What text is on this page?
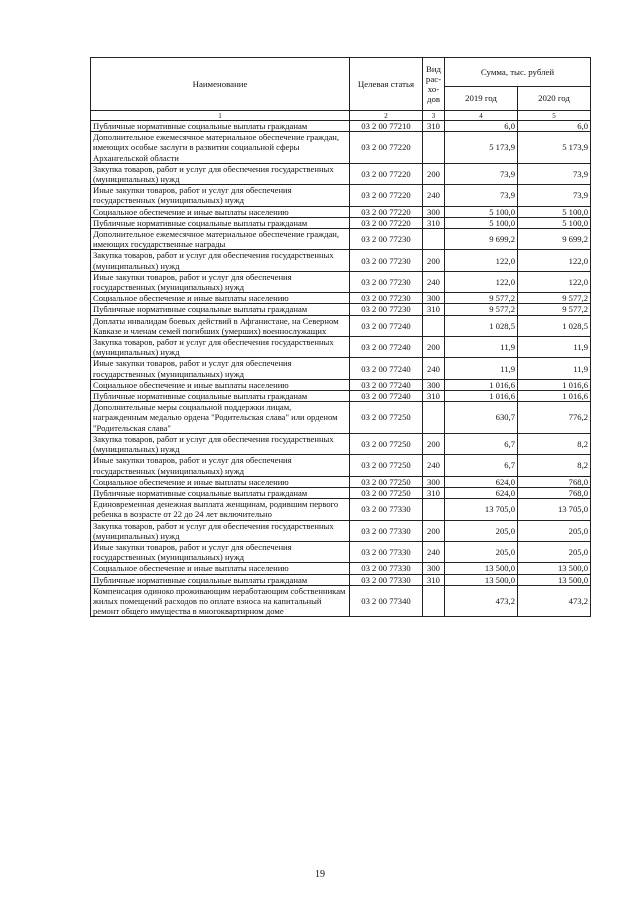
Наименование	Целевая статья	Вид рас-хо-дов	Сумма, тыс. рублей	
			2019 год	2020 год
1	2	3	4	5
Публичные нормативные социальные выплаты гражданам	03 2 00 77210	310	6,0	6,0
Дополнительное ежемесячное материальное обеспечение граждан, имеющих особые заслуги в развитии социальной сферы Архангельской области	03 2 00 77220		5 173,9	5 173,9
Закупка товаров, работ и услуг для обеспечения государственных (муниципальных) нужд	03 2 00 77220	200	73,9	73,9
Иные закупки товаров, работ и услуг для обеспечения государственных (муниципальных) нужд	03 2 00 77220	240	73,9	73,9
Социальное обеспечение и иные выплаты населению	03 2 00 77220	300	5 100,0	5 100,0
Публичные нормативные социальные выплаты гражданам	03 2 00 77220	310	5 100,0	5 100,0
Дополнительное ежемесячное материальное обеспечение граждан, имеющих государственные награды	03 2 00 77230		9 699,2	9 699,2
Закупка товаров, работ и услуг для обеспечения государственных (муниципальных) нужд	03 2 00 77230	200	122,0	122,0
Иные закупки товаров, работ и услуг для обеспечения государственных (муниципальных) нужд	03 2 00 77230	240	122,0	122,0
Социальное обеспечение и иные выплаты населению	03 2 00 77230	300	9 577,2	9 577,2
Публичные нормативные социальные выплаты гражданам	03 2 00 77230	310	9 577,2	9 577,2
Доплаты инвалидам боевых действий в Афганистане, на Северном Кавказе и членам семей погибших (умерших) военнослужащих	03 2 00 77240		1 028,5	1 028,5
Закупка товаров, работ и услуг для обеспечения государственных (муниципальных) нужд	03 2 00 77240	200	11,9	11,9
Иные закупки товаров, работ и услуг для обеспечения государственных (муниципальных) нужд	03 2 00 77240	240	11,9	11,9
Социальное обеспечение и иные выплаты населению	03 2 00 77240	300	1 016,6	1 016,6
Публичные нормативные социальные выплаты гражданам	03 2 00 77240	310	1 016,6	1 016,6
Дополнительные меры социальной поддержки лицам, награжденным медалью ордена "Родительская слава" или орденом "Родительская слава"	03 2 00 77250		630,7	776,2
Закупка товаров, работ и услуг для обеспечения государственных (муниципальных) нужд	03 2 00 77250	200	6,7	8,2
Иные закупки товаров, работ и услуг для обеспечения государственных (муниципальных) нужд	03 2 00 77250	240	6,7	8,2
Социальное обеспечение и иные выплаты населению	03 2 00 77250	300	624,0	768,0
Публичные нормативные социальные выплаты гражданам	03 2 00 77250	310	624,0	768,0
Единовременная денежная выплата женщинам, родившим первого ребенка в возрасте от 22 до 24 лет включительно	03 2 00 77330		13 705,0	13 705,0
Закупка товаров, работ и услуг для обеспечения государственных (муниципальных) нужд	03 2 00 77330	200	205,0	205,0
Иные закупки товаров, работ и услуг для обеспечения государственных (муниципальных) нужд	03 2 00 77330	240	205,0	205,0
Социальное обеспечение и иные выплаты населению	03 2 00 77330	300	13 500,0	13 500,0
Публичные нормативные социальные выплаты гражданам	03 2 00 77330	310	13 500,0	13 500,0
Компенсация одиноко проживающим неработающим собственникам жилых помещений расходов по оплате взноса на капитальный ремонт общего имущества в многоквартирном доме	03 2 00 77340		473,2	473,2
19
